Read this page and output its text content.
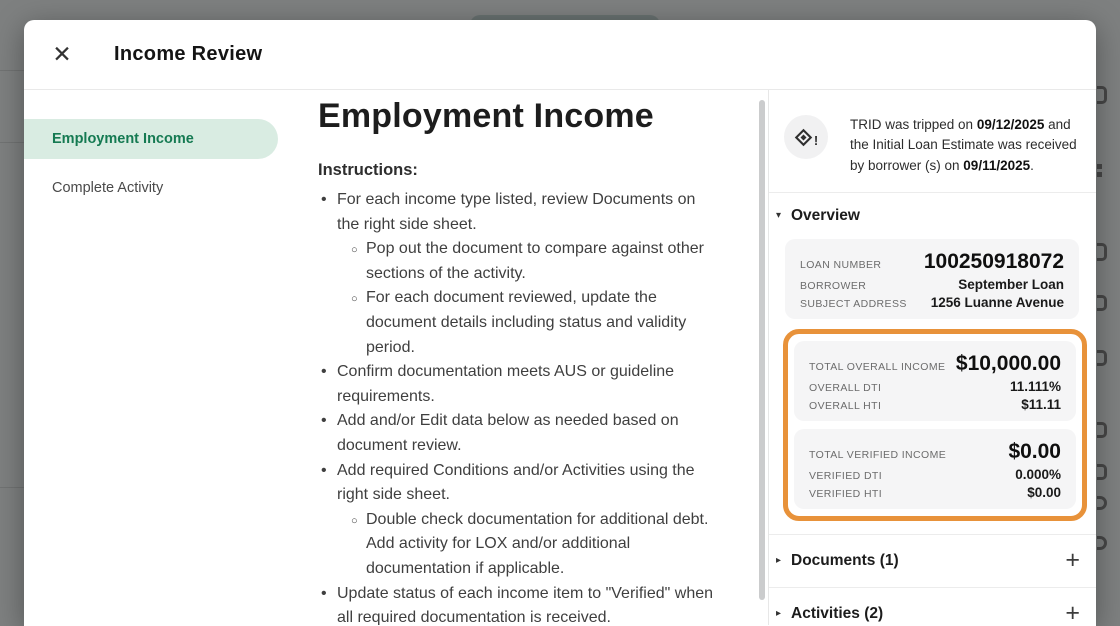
✕ Income Review
Employment Income
Complete Activity
Employment Income
Instructions:
• For each income type listed, review Documents on the right side sheet.
○ Pop out the document to compare against other sections of the activity.
○ For each document reviewed, update the document details including status and validity period.
• Confirm documentation meets AUS or guideline requirements.
• Add and/or Edit data below as needed based on document review.
• Add required Conditions and/or Activities using the right side sheet.
○ Double check documentation for additional debt. Add activity for LOX and/or additional documentation if applicable.
• Update status of each income item to "Verified" when all required documentation is received.
!
TRID was tripped on 09/12/2025 and the Initial Loan Estimate was received by borrower (s) on 09/11/2025.
▾ Overview
LOAN NUMBER 100250918072
BORROWER	September Loan
SUBJECT ADDRESS 1256 Luanne Avenue
TOTAL OVERALL INCOME $10,000.00
OVERALL DTI	11.111%
OVERALL HTI	$11.11
TOTAL VERIFIED INCOME	$0.00
VERIFIED DTI	0.000%
VERIFIED HTI	$0.00
▸ Documents (1)	+
▸ Activities (2)	+
